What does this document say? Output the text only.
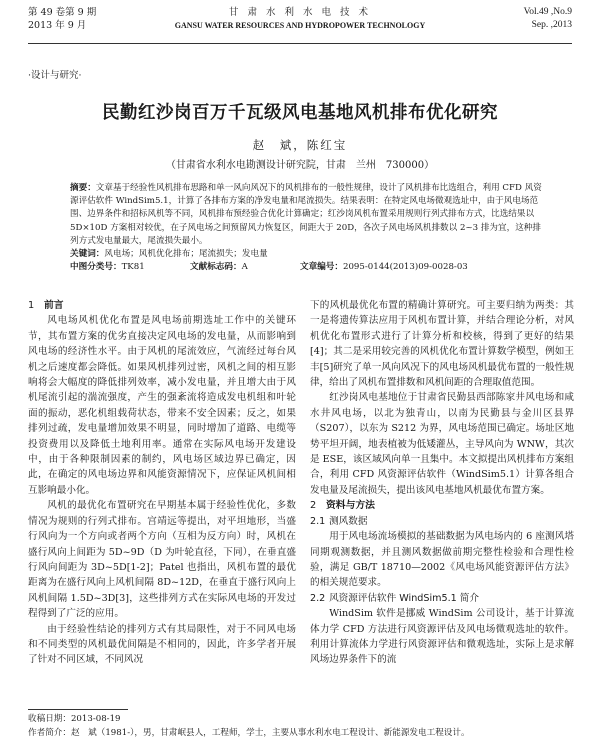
第 49 卷第 9 期
2013 年 9 月
甘 肃 水 利 水 电 技 术
GANSU WATER RESOURCES AND HYDROPOWER TECHNOLOGY
Vol.49 ,No.9
Sep. ,2013
·设计与研究·
民勤红沙岗百万千瓦级风电基地风机排布优化研究
赵　斌，陈红宝
（甘肃省水利水电勘测设计研究院，甘肃　兰州　730000）
摘要：文章基于经验性风机排布思路和单一风向风况下的风机排布的一般性规律，设计了风机排布比选组合，利用 CFD 风资源评估软件 WindSim5.1，计算了各排布方案的净发电量和尾流损失。结果表明：在特定风电场微观选址中，由于风电场范围、边界条件和招标风机等不同，风机排布预经验合优化计算确定；红沙岗风机布置采用规则行列式排布方式，比选结果以 5D×10D 方案相对较优，在子风电场之间预留风力恢复区，间距大于 20D，各次子风电场风机排数以 2~3 排为宜，这种排列方式发电量最大，尾流损失最小。
关键词：风电场；风机优化排布；尾流损失；发电量
中图分类号：TK81	文献标志码：A	文章编号：2095-0144(2013)09-0028-03
1 前言

风电场风机优化布置是风电场前期选址工作中的关键环节，其布置方案的优劣直接决定风电场的发电量，从而影响到风电场的经济性水平。由于风机的尾流效应，气流经过每台风机之后速度都会降低。如果风机排列过密，风机之间的相互影响将会大幅度的降低排列效率，减小发电量，并且增大由于风机尾流引起的湍流强度，产生的强紊流将造成发电机组和叶轮面的振动，恶化机组载荷状态，带来不安全因素；反之，如果排列过疏，发电量增加效果不明显，同时增加了道路、电缆等投资费用以及降低土地利用率。通常在实际风电场开发建设中，由于各种限制因素的制约，风电场区域边界已确定，因此，在确定的风电场边界和风能资源情况下，应保证风机间相互影响最小化。

风机的最优化布置研究在早期基本属于经验性优化，多数情况为规则的行列式排布。宫靖远等提出，对平坦地形，当盛行风向为一个方向或者两个方向（互相为反方向）时，风机在盛行风向上间距为 5D~9D（D 为叶轮直径，下同），在垂直盛行风向间距为 3D~5D[1-2]；Patel 也指出，风机布置的最优距离为在盛行风向上风机间隔 8D~12D，在垂直于盛行风向上风机间隔 1.5D~3D[3]，这些排列方式在实际风电场的开发过程得到了广泛的应用。

由于经验性结论的排列方式有其局限性，对于不同风电场和不同类型的风机最优间隔是不相同的，因此，许多学者开展了针对不同区域，不同风况

下的风机最优化布置的精确计算研究。可主要归纳为两类：其一是将遗传算法应用于风机布置计算，并结合理论分析，对风机优化布置形式进行了计算分析和校核，得到了更好的结果[4]；其二是采用较完善的风机优化布置计算数学模型，例如王丰[5]研究了单一风向风况下的风电场风机最优布置的一般性规律，给出了风机布置排数和风机间距的合理取值范围。

红沙岗风电基地位于甘肃省民勤县西部陈家井风电场和咸水井风电场，以北为独青山，以南为民勤县与金川区县界（S207），以东为 S212 为界，风电场范围已确定。场址区地势平坦开阔，地表植被为低矮灌丛，主导风向为 WNW，其次是 ESE，该区域风向单一且集中。本文拟提出风机排布方案组合，利用 CFD 风资源评估软件（WindSim5.1）计算各组合发电量及尾流损失，提出该风电基地风机最优布置方案。

2 资料与方法
2.1 测风数据

用于风电场流场模拟的基础数据为风电场内的 6 座测风塔同期观测数据，并且测风数据做前期完整性检验和合理性检验，满足 GB/T 18710—2002《风电场风能资源评估方法》的相关规范要求。

2.2 风资源评估软件 WindSim5.1 简介

WindSim 软件是挪威 WindSim 公司设计，基于计算流体力学 CFD 方法进行风资源评估及风电场微观选址的软件。利用计算流体力学进行风资源评估和微观选址，实际上是求解风场边界条件下的流

收稿日期：2013-08-19
作者简介：赵　斌（1981-），男，甘肃岷县人，工程师，学士，主要从事水利水电工程设计、新能源发电工程设计。
